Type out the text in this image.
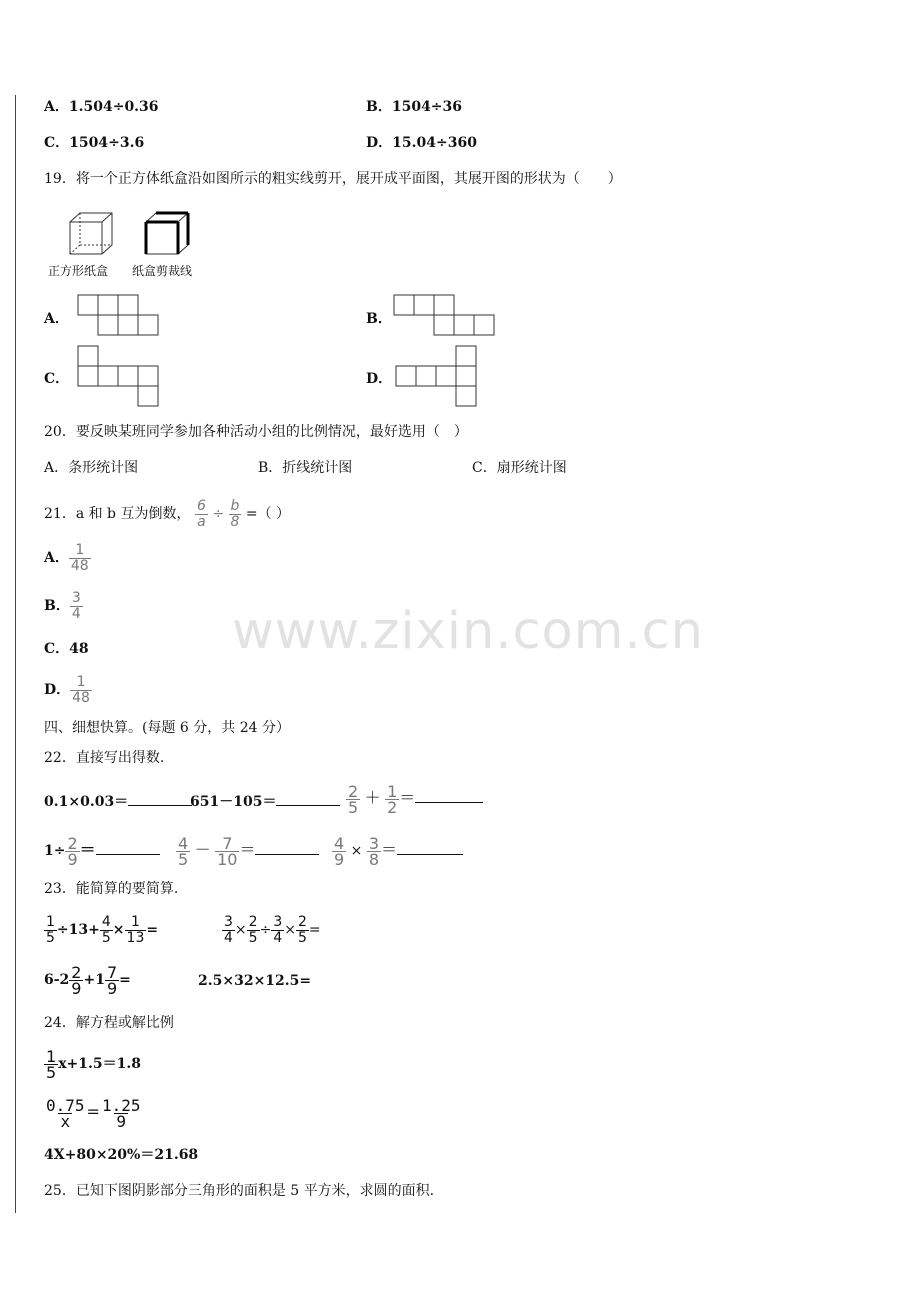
A．1.504÷0.36	B．1504÷36
C．1504÷3.6	D．15.04÷360
19．将一个正方体纸盒沿如图所示的粗实线剪开，展开成平面图，其展开图的形状为（　　）
正方形纸盒 纸盒剪裁线
A．	B．
C．	D．
20．要反映某班同学参加各种活动小组的比例情况，最好选用（　）
A．条形统计图	B．折线统计图	C．扇形统计图
21．a 和 b 互为倒数， $\frac{6}{a} \div \frac{b}{8}$ =（ ）
A． $\frac{1}{48}$
B． $\frac{3}{4}$
C．48
D． $\frac{1}{48}$
www.zixin.com.cn
四、细想快算。(每题 6 分，共 24 分）
22．直接写出得数.
0.1×0.03＝	651－105＝	$\frac{2}{5} + \frac{1}{2}$ ＝
$1\div \frac{2}{9}$ ＝	$\frac{4}{5} - \frac{7}{10}$ ＝	$\frac{4}{9} \times \frac{3}{8}$ ＝
23．能简算的要简算.
$\frac{1}{5} \div 13+ \frac{4}{5} \times \frac{1}{13}$ =	$\frac{3}{4} \times \frac{2}{5} \div \frac{3}{4} \times \frac{2}{5}$ =
$6-2 \frac{2}{9} +1 \frac{7}{9}$ =	2.5×32×12.5=
24．解方程或解比例
$\frac{1}{5} x+1.5=1.8$
$\frac{0.75}{x} = \frac{1.25}{9}$
4X+80×20%＝21.68
25．已知下图阴影部分三角形的面积是 5 平方米，求圆的面积.
